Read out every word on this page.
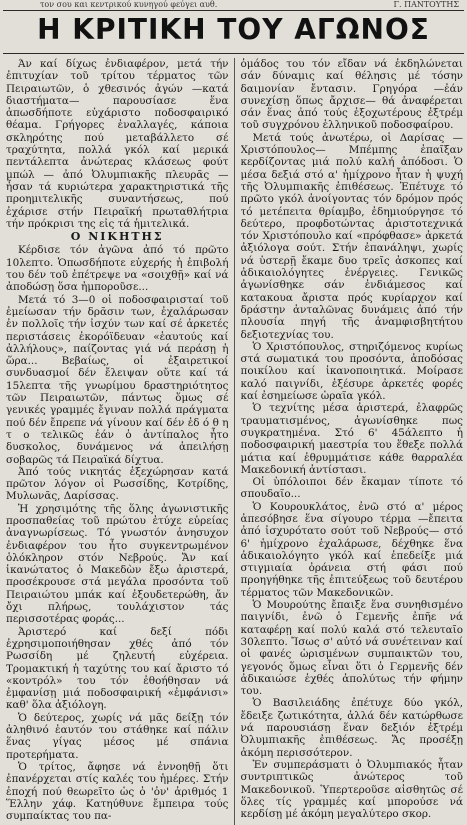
τον σου και κεντρικού κυνηγού φεύγει αυθ.	Γ. ΠΑΝΤΟΥΤΗΣ
Η ΚΡΙΤΙΚΗ ΤΟΥ ΑΓΩΝΟΣ

Άν καί δίχως ἐνδιαφέρον, μετά τήν ἐπιτυχίαν τοῦ τρίτου τέρματος τῶν Πειραιωτῶν, ὁ χθεσινός ἀγών —κατά διαστήματα— παρουσίασε ἕνα ἀπωσδήποτε εὐχάριστο ποδοσφαιρικό θέαμα. Γρήγορες ἐναλλαγές, κάποια σκληρότης πού μεταβάλλετο σέ τραχύτητα, πολλά γκόλ καί μερικά πεντάλεπτα ἀνώτερας κλάσεως φούτ μπώλ — ἀπό Ὀλυμπιακῆς πλευρᾶς — ἦσαν τά κυριώτερα χαρακτηριστικά τῆς προημιτελικῆς συναντήσεως, πού ἐχάρισε στήν Πειραϊκή πρωταθλήτρια τήν πρόκρισι της εἰς τά ἡμιτελικά.

Ο ΝΙΚΗΤΗΣ

Κέρδισε τόν ἀγῶνα ἀπό τό πρῶτο 10λεπτο. Ὁπωσδήποτε εὐχερής ἡ ἐπιβολή του δέν τοῦ ἐπέτρεψε να «σοιχθῇ» καί νά ἀποδώσῃ ὅσα ἠμποροῦσε...

Μετά τό 3—0 οἱ ποδοσφαιρισταί τοῦ ἐμείωσαν τήν δρᾶσιν των, ἐχαλάρωσαν ἐν πολλοῖς τήν ἰσχύν των καί σέ ἀρκετές περιστάσεις ἐκορόϊδευαν «ἑαυτούς καί ἀλλήλους», παίζοντας γιά νά περάσῃ ἡ ὥρα... Βεβαίως, οἱ ἐξαιρετικοί συνδυασμοί δέν ἔλειψαν οὔτε καί τά 15λεπτα τῆς γνωρίμου δραστηριότητος τῶν Πειραιωτῶν, πάντως ὅμως σέ γενικές γραμμές ἔγιναν πολλά πράγματα πού δέν ἔπρεπε νά γίνουν καί δέν ἐδ ό θ η τ ο τελικῶς ἐάν ὁ ἀντίπαλος ἦτο δυσκολος, δυνάμενος νά ἀπειλήσῃ σοβαρῶς τά Πειραϊκά δίχτυα.

Ἀπό τούς νικητάς ἐξεχώρησαν κατά πρῶτον λόγον οἱ Ρωσσίδης, Κοτρίδης, Μυλωνᾶς, Δαρίσσας.

Ἡ χρησιμότης τῆς ὅλης ἀγωνιστικῆς προσπαθείας τοῦ πρώτου ἐτύχε εὐρείας ἀναγνωρίσεως. Τό γνωστόν ἀνησυχον ἐνδιαφέρον του ἦτο συγκεντρωμένον ὁλόκληρον στόν Νεβρούς. Ἄν καί ἱκανώτατος ὁ Μακεδὼν ἔξω ἀριστερά, προσέκρουσε στά μεγάλα προσόντα τοῦ Πειραιώτου μπάκ καί ἐξουδετερώθη, ἄν ὄχι πλήρως, τουλάχιστον τάς περισσοτέρας φοράς...

Ἀριστερό καί δεξί πόδι ἐχρησιμοποιήθησαν χθές ἀπό τόν Ρωσσίδη μέ ζηλευτή εὐχέρεια. Τρομακτική ἡ ταχύτης του καί ἄριστο τό «κοντρόλ» του τόν ἐθοήθησαν νά ἐμφανίσῃ μιά ποδοσφαιρική «ἐμφάνισι» καθ' ὅλα ἀξιόλογη.

Ὁ δεύτερος, χωρίς νά μᾶς δείξῃ τόν ἀληθινό ἑαυτόν του στάθηκε καί πάλιν ἕνας γίγας μέσος μέ σπάνια προτερήματα.

Ὁ τρίτος, ἄφησε νά ἐννοηθῇ ὅτι ἐπανέρχεται στίς καλές του ἡμέρες. Στήν ἐποχή πού θεωρεῖτο ὡς ὁ 'ὀν' ἀριθμός 1 Ἕλλην χάφ. Κατηύθυνε ἔμπειρα τούς συμπαίκτας του πα-

ὁμάδος του τόν εἴδαν νά ἐκδηλώνεται σάν δύναμις καί θέλησις μέ τόσην δαιμονίαν ἔντασιν. Γρηγόρα —ἐάν συνεχίσῃ ὅπως ἄρχισε— θά ἀναφέρεται σάν ἕνας ἀπό τούς ἐξοχωτέρους ἐξτρέμ τοῦ συγχρόνου ἑλληνικοῦ ποδοσφαίρου.

Μετά τούς ἀνωτέρω, οἱ Δαρίσας —Χριστόπουλος— Μπέμπης ἐπαῖξαν κερδίζοντας μιά πολύ καλή ἀπόδοσι. Ὁ μέσα δεξιά στό α' ἡμίχρονο ἦταν ἡ ψυχή τῆς Ὀλυμπιακῆς ἐπιθέσεως. Ἐπέτυχε τό πρῶτο γκόλ ἀνοίγοντας τόν δρόμον πρός τό μετέπειτα θρίαμβο, ἐδημιούργησε τό δεύτερο, προφδοτώντας ἀριστοτεχνικά τόν Χριστόπουλο καί «πρόφθασε» ἀρκετά ἀξιόλογα σούτ. Στήν ἐπανάληψι, χωρίς νά ὑστερῇ ἔκαμε δυο τρεῖς ἀσκοπες καί ἀδικαιολόγητες ἐνέργειες. Γενικῶς ἀγωνίσθηκε σάν ἐνδιάμεσος καί κατακουα ἄριστα πρός κυρίαρχον καί δράστην ἀνταλῶνας δυνάμεις ἀπό τήν πλουσία πηγή τῆς ἀναμφισβητήτου δεξιοτεχνίας του.

Ὁ Χριστόπουλος, στηριζόμενος κυρίως στά σωματικά του προσόντα, ἀποδόσας ποικίλου καί ἰκανοποιητικά. Μοίρασε καλό παιγνίδι, ἐξέσυρε ἀρκετές φορές καί ἐσημείωσε ὡραῖα γκόλ.

Ὁ τεχνίτης μέσα ἀριστερά, ἐλαφρῶς τραυματισμένος, ἀγωνίσθηκε πως συγκρατημένα. Στό 6' 45άλεπτο ἡ ποδοσφαιρική μαεστρία του ἕθεξε πολλά μάτια καί ἐθρυμμάτισε κάθε θαρραλέα Μακεδονική ἀντίστασι.

Οἱ ὑπόλοιποι δέν ἔκαμαν τίποτε τό σπουδαῖο...

Ὁ Κουρουκλάτος, ἐνῶ στό α' μέρος ἀπεσόβησε ἕνα σίγουρο τέρμα —ἔπειτα ἀπό ἰσχυρότατο σούτ τοῦ Νεβρούς— στό 6' ἡμίχρονο ἐχαλάρωσε, δέχθηκε ἕνα ἀδικαιολόγητο γκόλ καί ἐπεδείξε μιά στιγμιαία ὀράνεια στή φάσι πού προηγήθηκε τῆς ἐπιτεύξεως τοῦ δευτέρου τέρματος τῶν Μακεδονικῶν.

Ὁ Μουρούτης ἔπαιξε ἕνα συνηθισμένο παιγνίδι, ἐνῶ ὁ Γεμενῆς ἐπῆε νά καταφέρῃ καί πολύ καλά στό τελευταῖο 30λεπτο. Ἴσως σ' αὐτό νά συνέτειναν καί οἱ φανές ὡρισμένων συμπαικτῶν του, γεγονός ὅμως εἶναι ὅτι ὁ Γερμενῆς δέν ἀδικαιώσε ἐχθές ἀπολύτως τήν φήμην του.

Ὁ Βασιλειάδης ἐπέτυχε δύο γκόλ, ἔδειξε ζωτικότητα, ἀλλά δέν κατώρθωσε νά παρουσιάσῃ ἕναν δεξιόν ἐξτρέμ Ὀλυμπιακῆς ἐπιθέσεως. Ἄς προσέξῃ ἀκόμη περισσότερον.

Ἐν συμπεράσματι ὁ Ὀλυμπιακός ἦταν συντριπτικῶς ἀνώτερος τοῦ Μακεδονικοῦ. Ὑπερτεροῦσε αἰσθητῶς σέ ὅλες τίς γραμμές καί μπορούσε νά κερδίσῃ μέ ἀκόμη μεγαλύτερο σκορ.
